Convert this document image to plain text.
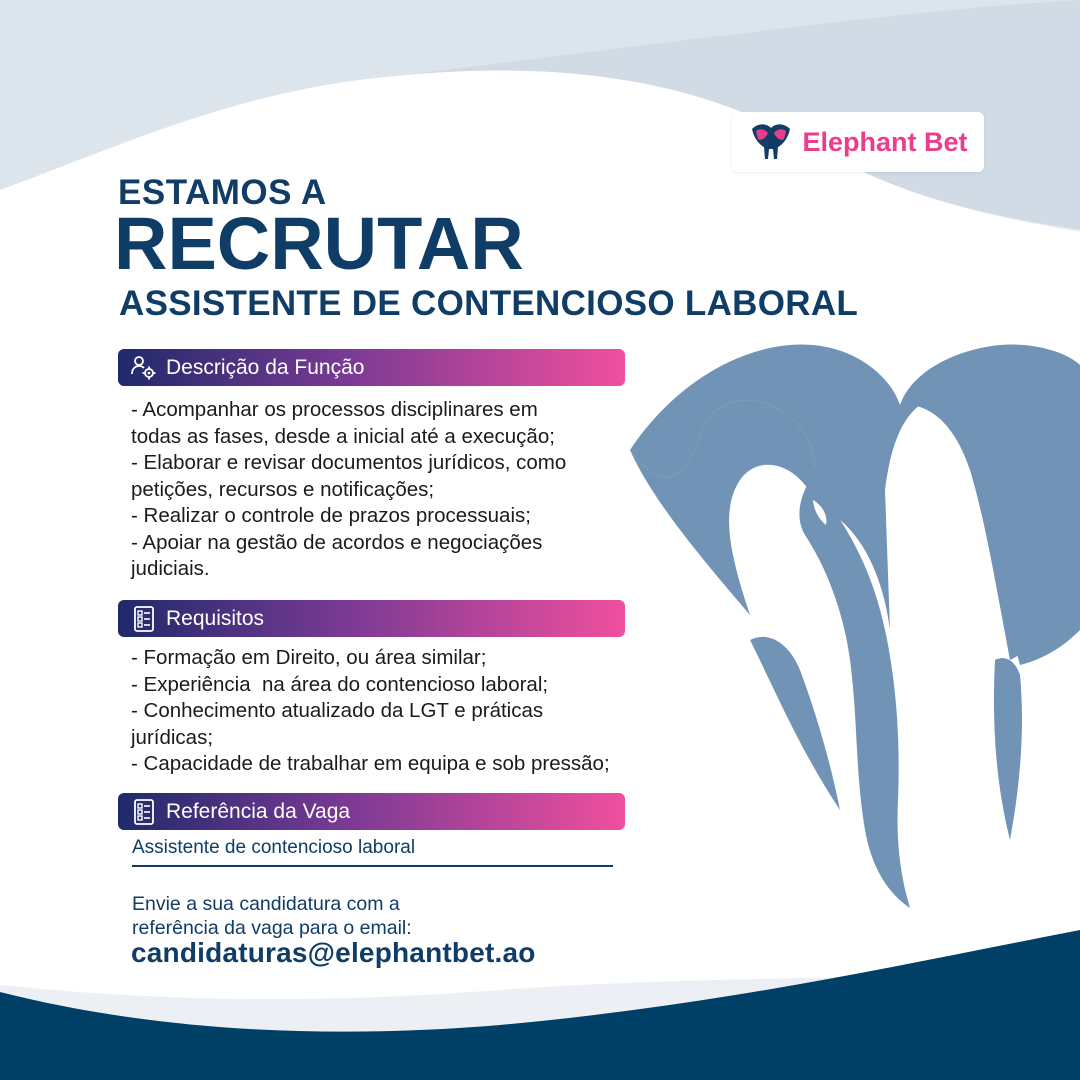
Elephant Bet
ESTAMOS A
RECRUTAR
ASSISTENTE DE CONTENCIOSO LABORAL
Descrição da Função
- Acompanhar os processos disciplinares em
todas as fases, desde a inicial até a execução;
- Elaborar e revisar documentos jurídicos, como
petições, recursos e notificações;
- Realizar o controle de prazos processuais;
- Apoiar na gestão de acordos e negociações
judiciais.
Requisitos
- Formação em Direito, ou área similar;
- Experiência  na área do contencioso laboral;
- Conhecimento atualizado da LGT e práticas
jurídicas;
- Capacidade de trabalhar em equipa e sob pressão;
Referência da Vaga
Assistente de contencioso laboral
Envie a sua candidatura com a
referência da vaga para o email:
candidaturas@elephantbet.ao
